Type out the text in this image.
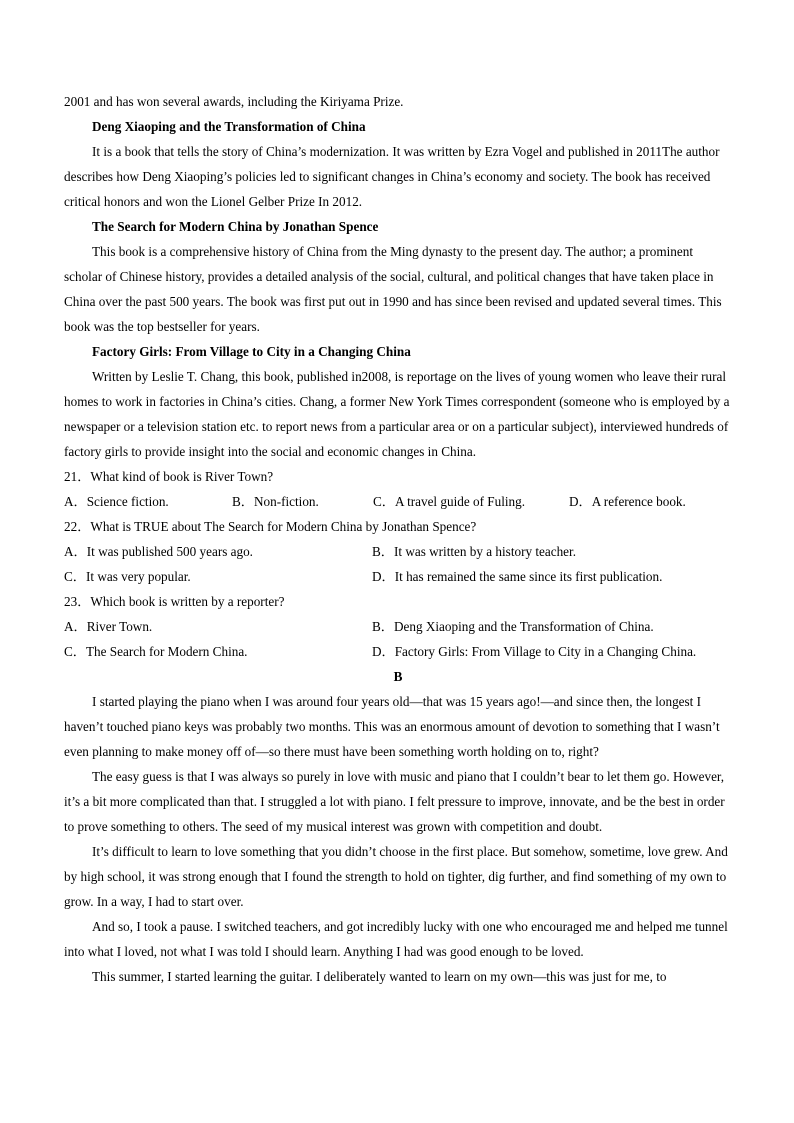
2001 and has won several awards, including the Kiriyama Prize.

Deng Xiaoping and the Transformation of China

It is a book that tells the story of China’s modernization. It was written by Ezra Vogel and published in 2011The author describes how Deng Xiaoping’s policies led to significant changes in China’s economy and society. The book has received critical honors and won the Lionel Gelber Prize In 2012.

The Search for Modern China by Jonathan Spence

This book is a comprehensive history of China from the Ming dynasty to the present day. The author; a prominent scholar of Chinese history, provides a detailed analysis of the social, cultural, and political changes that have taken place in China over the past 500 years. The book was first put out in 1990 and has since been revised and updated several times. This book was the top bestseller for years.

Factory Girls: From Village to City in a Changing China

Written by Leslie T. Chang, this book, published in2008, is reportage on the lives of young women who leave their rural homes to work in factories in China’s cities. Chang, a former New York Times correspondent (someone who is employed by a newspaper or a television station etc. to report news from a particular area or on a particular subject), interviewed hundreds of factory girls to provide insight into the social and economic changes in China.

21．What kind of book is River Town?

A．Science fiction.	B．Non-fiction.	C．A travel guide of Fuling.	D．A reference book.

22．What is TRUE about The Search for Modern China by Jonathan Spence?

A．It was published 500 years ago.	B．It was written by a history teacher.
C．It was very popular.	D．It has remained the same since its first publication.

23．Which book is written by a reporter?

A．River Town.	B．Deng Xiaoping and the Transformation of China.
C．The Search for Modern China.	D．Factory Girls: From Village to City in a Changing China.

B

I started playing the piano when I was around four years old—that was 15 years ago!—and since then, the longest I haven’t touched piano keys was probably two months. This was an enormous amount of devotion to something that I wasn’t even planning to make money off of—so there must have been something worth holding on to, right?

The easy guess is that I was always so purely in love with music and piano that I couldn’t bear to let them go. However, it’s a bit more complicated than that. I struggled a lot with piano. I felt pressure to improve, innovate, and be the best in order to prove something to others. The seed of my musical interest was grown with competition and doubt.

It’s difficult to learn to love something that you didn’t choose in the first place. But somehow, sometime, love grew. And by high school, it was strong enough that I found the strength to hold on tighter, dig further, and find something of my own to grow. In a way, I had to start over.

And so, I took a pause. I switched teachers, and got incredibly lucky with one who encouraged me and helped me tunnel into what I loved, not what I was told I should learn. Anything I had was good enough to be loved.

This summer, I started learning the guitar. I deliberately wanted to learn on my own—this was just for me, to
